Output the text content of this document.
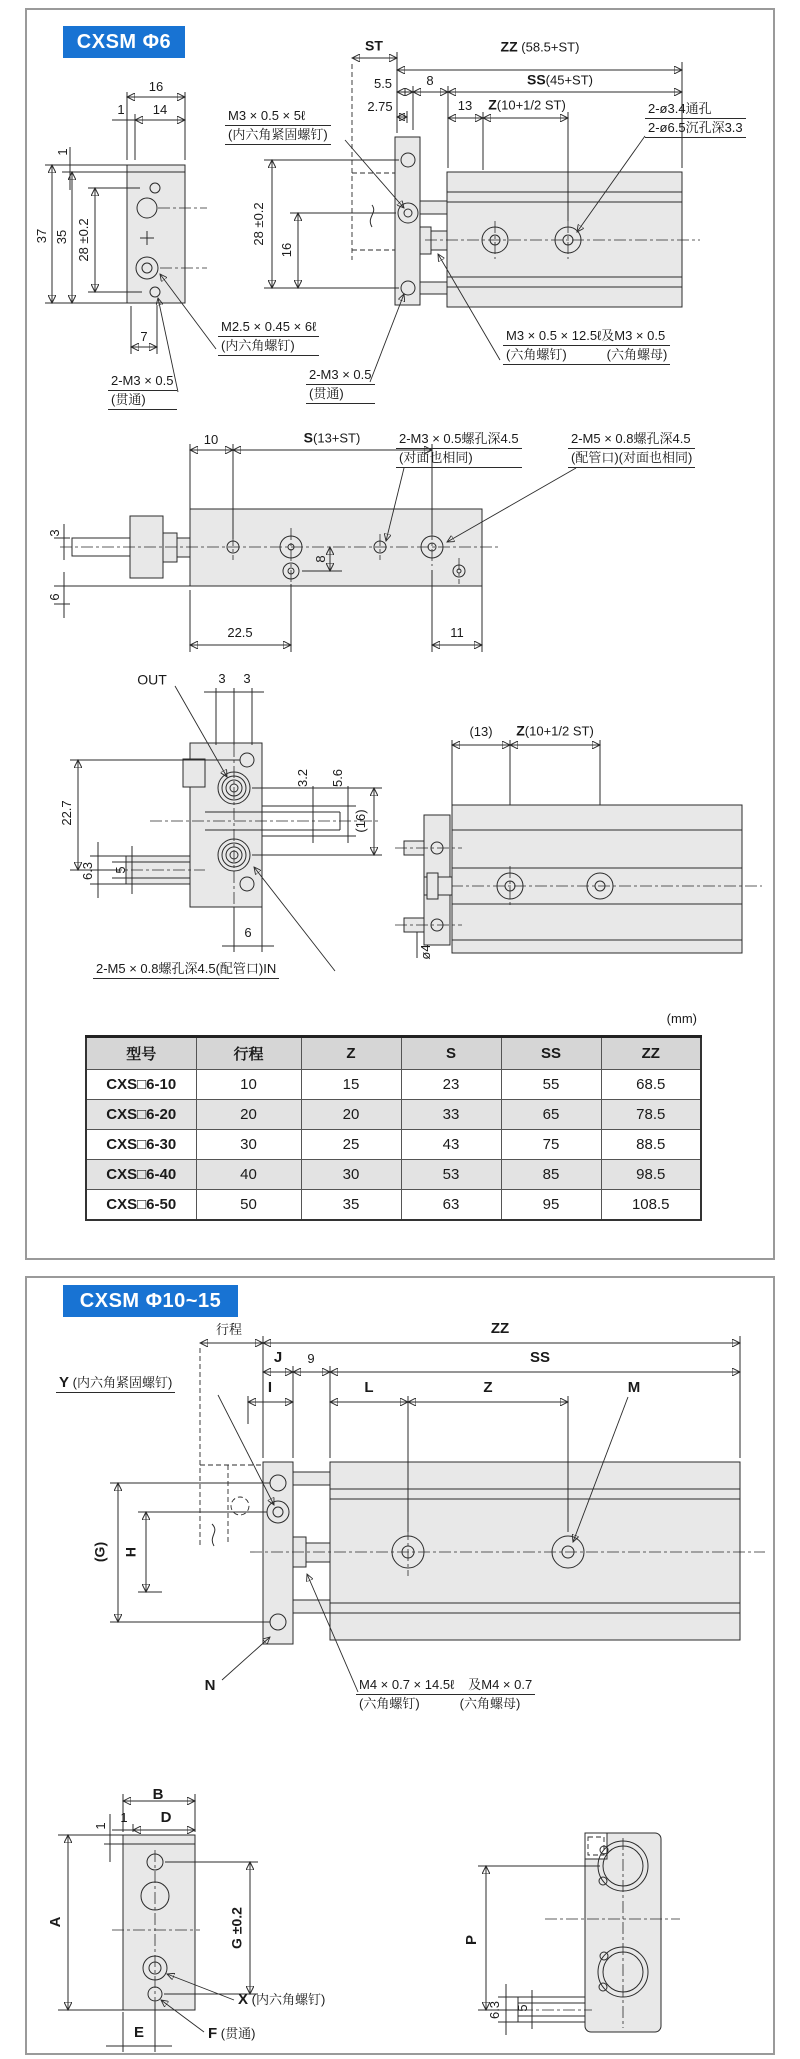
CXSM Φ6
CXSM Φ10~15
16
1 14
1
37 35 28 ±0.2
7
M2.5 × 0.45 × 6ℓ
(内六角螺钉)
2-M3 × 0.5
(贯通)
ST	ZZ (58.5+ST)
5.5	8	SS(45+ST)
2.75	13 Z(10+1/2 ST)
28 ±0.2
16
M3 × 0.5 × 5ℓ
(内六角紧固螺钉)
2-ø3.4通孔
2-ø6.5沉孔深3.3
M3 × 0.5 × 12.5ℓ及M3 × 0.5
(六角螺钉)	(六角螺母)
2-M3 × 0.5
(贯通)
10	S(13+ST)
3
6
8
22.5	11
2-M3 × 0.5螺孔深4.5
(对面也相同)
2-M5 × 0.8螺孔深4.5
(配管口)(对面也相同)
OUT	3 3
22.7
6.3 5
3.2 5.6
(16)
6
2-M5 × 0.8螺孔深4.5(配管口)IN
(13) Z(10+1/2 ST)
ø4
(mm)
型号	行程	Z	S	SS	ZZ
CXS□6-10	10	15	23	55	68.5
CXS□6-20	20	20	33	65	78.5
CXS□6-30	30	25	43	75	88.5
CXS□6-40	40	30	53	85	98.5
CXS□6-50	50	35	63	95	108.5
行程	ZZ
J 9	SS
I	L	Z	M
Y (内六角紧固螺钉)
(G) H
N	M4 × 0.7 × 14.5ℓ 及M4 × 0.7
(六角螺钉)	(六角螺母)
B
D
1
1
A	G ±0.2
E
X (内六角螺钉)
F (贯通)
P
6.3 5
